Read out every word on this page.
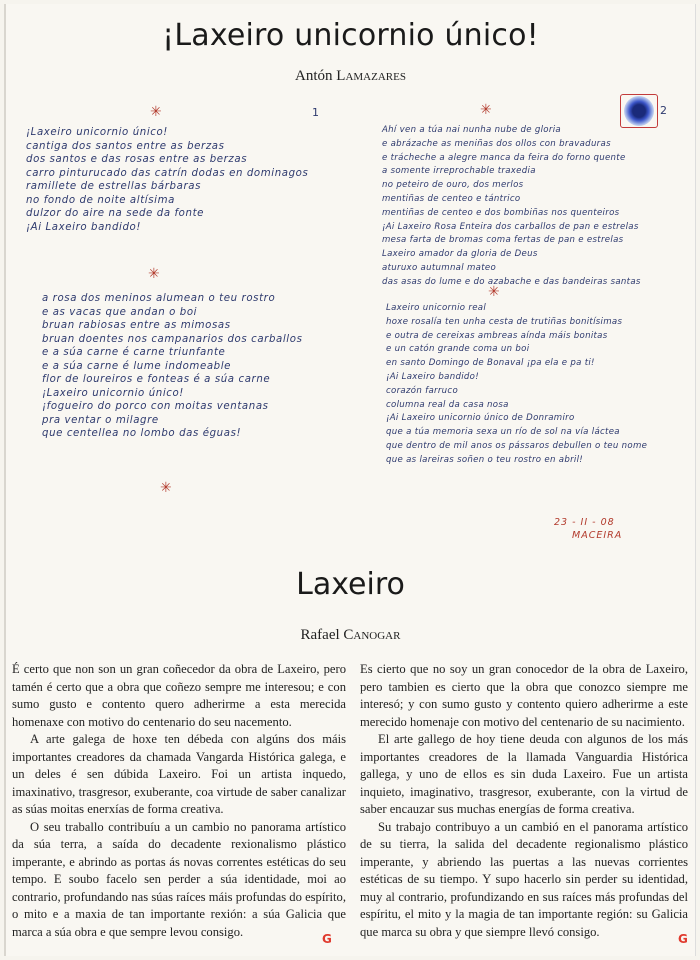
¡Laxeiro unicornio único!
Antón Lamazares
✳	1
¡Laxeiro unicornio único!
cantiga dos santos entre as berzas
dos santos e das rosas entre as berzas
carro pinturucado das catrín dodas en dominagos
ramillete de estrellas bárbaras
no fondo de noite altísima
dulzor do aire na sede da fonte
¡Ai Laxeiro bandido!
✳
a rosa dos meninos alumean o teu rostro
e as vacas que andan o boi
bruan rabiosas entre as mimosas
bruan doentes nos campanarios dos carballos
e a súa carne é carne triunfante
e a súa carne é lume indomeable
flor de loureiros e fonteas é a súa carne
¡Laxeiro unicornio único!
¡fogueiro do porco con moitas ventanas
pra ventar o milagre
que centellea no lombo das éguas!
✳
2
✳
Ahí ven a túa nai nunha nube de gloria
e abrázache as meniñas dos ollos con bravaduras
e trácheche a alegre manca da feira do forno quente
a somente irreprochable traxedia
no peteiro de ouro, dos merlos
mentiñas de centeo e tántrico
mentiñas de centeo e dos bombiñas nos quenteiros
¡Ai Laxeiro Rosa Enteira dos carballos de pan e estrelas
mesa farta de bromas coma fertas de pan e estrelas
Laxeiro amador da gloria de Deus
aturuxo autumnal mateo
das asas do lume e do azabache e das bandeiras santas
✳
Laxeiro unicornio real
hoxe rosalía ten unha cesta de trutiñas bonitísimas
e outra de cereixas ambreas aínda máis bonitas
e un catón grande coma un boi
en santo Domingo de Bonaval ¡pa ela e pa ti!
¡Ai Laxeiro bandido!
corazón farruco
columna real da casa nosa
¡Ai Laxeiro unicornio único de Donramiro
que a túa memoria sexa un río de sol na vía láctea
que dentro de mil anos os pássaros debullen o teu nome
que as lareiras soñen o teu rostro en abril!
23 - II - 08
MACEIRA
Laxeiro
Rafael Canogar

É certo que non son un gran coñecedor da obra de Laxeiro, pero tamén é certo que a obra que coñezo sempre me interesou; e con sumo gusto e contento quero adherirme a esta merecida homenaxe con motivo do centenario do seu nacemento.

A arte galega de hoxe ten débeda con algúns dos máis importantes creadores da chamada Vangarda Histórica galega, e un deles é sen dúbida Laxeiro. Foi un artista inquedo, imaxinativo, trasgresor, exuberante, coa virtude de saber canalizar as súas moitas enerxías de forma creativa.

O seu traballo contribuíu a un cambio no panorama artístico da súa terra, a saída do decadente rexionalismo plástico imperante, e abrindo as portas ás novas correntes estéticas do seu tempo. E soubo facelo sen perder a súa identidade, moi ao contrario, profundando nas súas raíces máis profundas do espírito, o mito e a maxia de tan importante rexión: a súa Galicia que marca a súa obra e que sempre levou consigo.

G

Es cierto que no soy un gran conocedor de la obra de Laxeiro, pero tambien es cierto que la obra que conozco siempre me interesó; y con sumo gusto y contento quiero adherirme a este merecido homenaje con motivo del centenario de su nacimiento.

El arte gallego de hoy tiene deuda con algunos de los más importantes creadores de la llamada Vanguardia Histórica gallega, y uno de ellos es sin duda Laxeiro. Fue un artista inquieto, imaginativo, trasgresor, exuberante, con la virtud de saber encauzar sus muchas energías de forma creativa.

Su trabajo contribuyo a un cambió en el panorama artístico de su tierra, la salida del decadente regionalismo plástico imperante, y abriendo las puertas a las nuevas corrientes estéticas de su tiempo. Y supo hacerlo sin perder su identidad, muy al contrario, profundizando en sus raíces más profundas del espíritu, el mito y la magia de tan importante región: su Galicia que marca su obra y que siempre llevó consigo.

G
